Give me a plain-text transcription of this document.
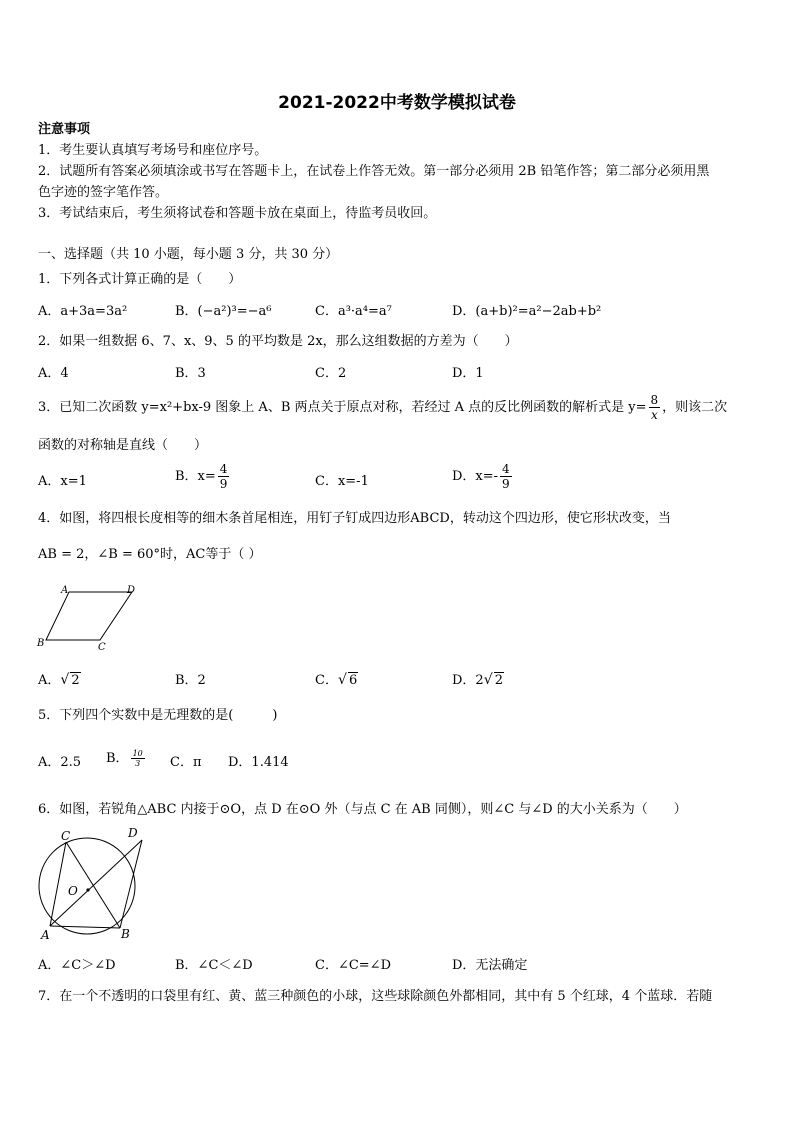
2021-2022中考数学模拟试卷
注意事项
1．考生要认真填写考场号和座位序号。
2．试题所有答案必须填涂或书写在答题卡上，在试卷上作答无效。第一部分必须用 2B 铅笔作答；第二部分必须用黑
色字迹的签字笔作答。
3．考试结束后，考生须将试卷和答题卡放在桌面上，待监考员收回。
一、选择题（共 10 小题，每小题 3 分，共 30 分）
1．下列各式计算正确的是（　　）
A．a+3a=3a²	B．(−a²)³=−a⁶	C．a³·a⁴=a⁷	D．(a+b)²=a²−2ab+b²
2．如果一组数据 6、7、x、9、5 的平均数是 2x，那么这组数据的方差为（　　）
A．4	B．3	C．2	D．1
3．已知二次函数 y=x²+bx-9 图象上 A、B 两点关于原点对称，若经过 A 点的反比例函数的解析式是 $y= \frac{8}{x}$ ，则该二次
函数的对称轴是直线（　　）
A．x=1	B．$x= \frac{4}{9}$	C．x=-1	D．$x=- \frac{4}{9}$
4．如图，将四根长度相等的细木条首尾相连，用钉子钉成四边形ABCD，转动这个四边形，使它形状改变，当
AB = 2，∠B = 60°时，AC等于（ ）
A	D
B	C
A． √ 2	B．2	C． √ 6	D．2 √ 2
5．下列四个实数中是无理数的是(　　　)
A．2.5 B． $\frac{10}{3}$ C．π D．1.414
6．如图，若锐角△ABC 内接于⊙O，点 D 在⊙O 外（与点 C 在 AB 同侧），则∠C 与∠D 的大小关系为（　　）
C	D
O
A	B
A．∠C＞∠D	B．∠C＜∠D	C．∠C=∠D	D．无法确定
7．在一个不透明的口袋里有红、黄、蓝三种颜色的小球，这些球除颜色外都相同，其中有 5 个红球，4 个蓝球．若随
